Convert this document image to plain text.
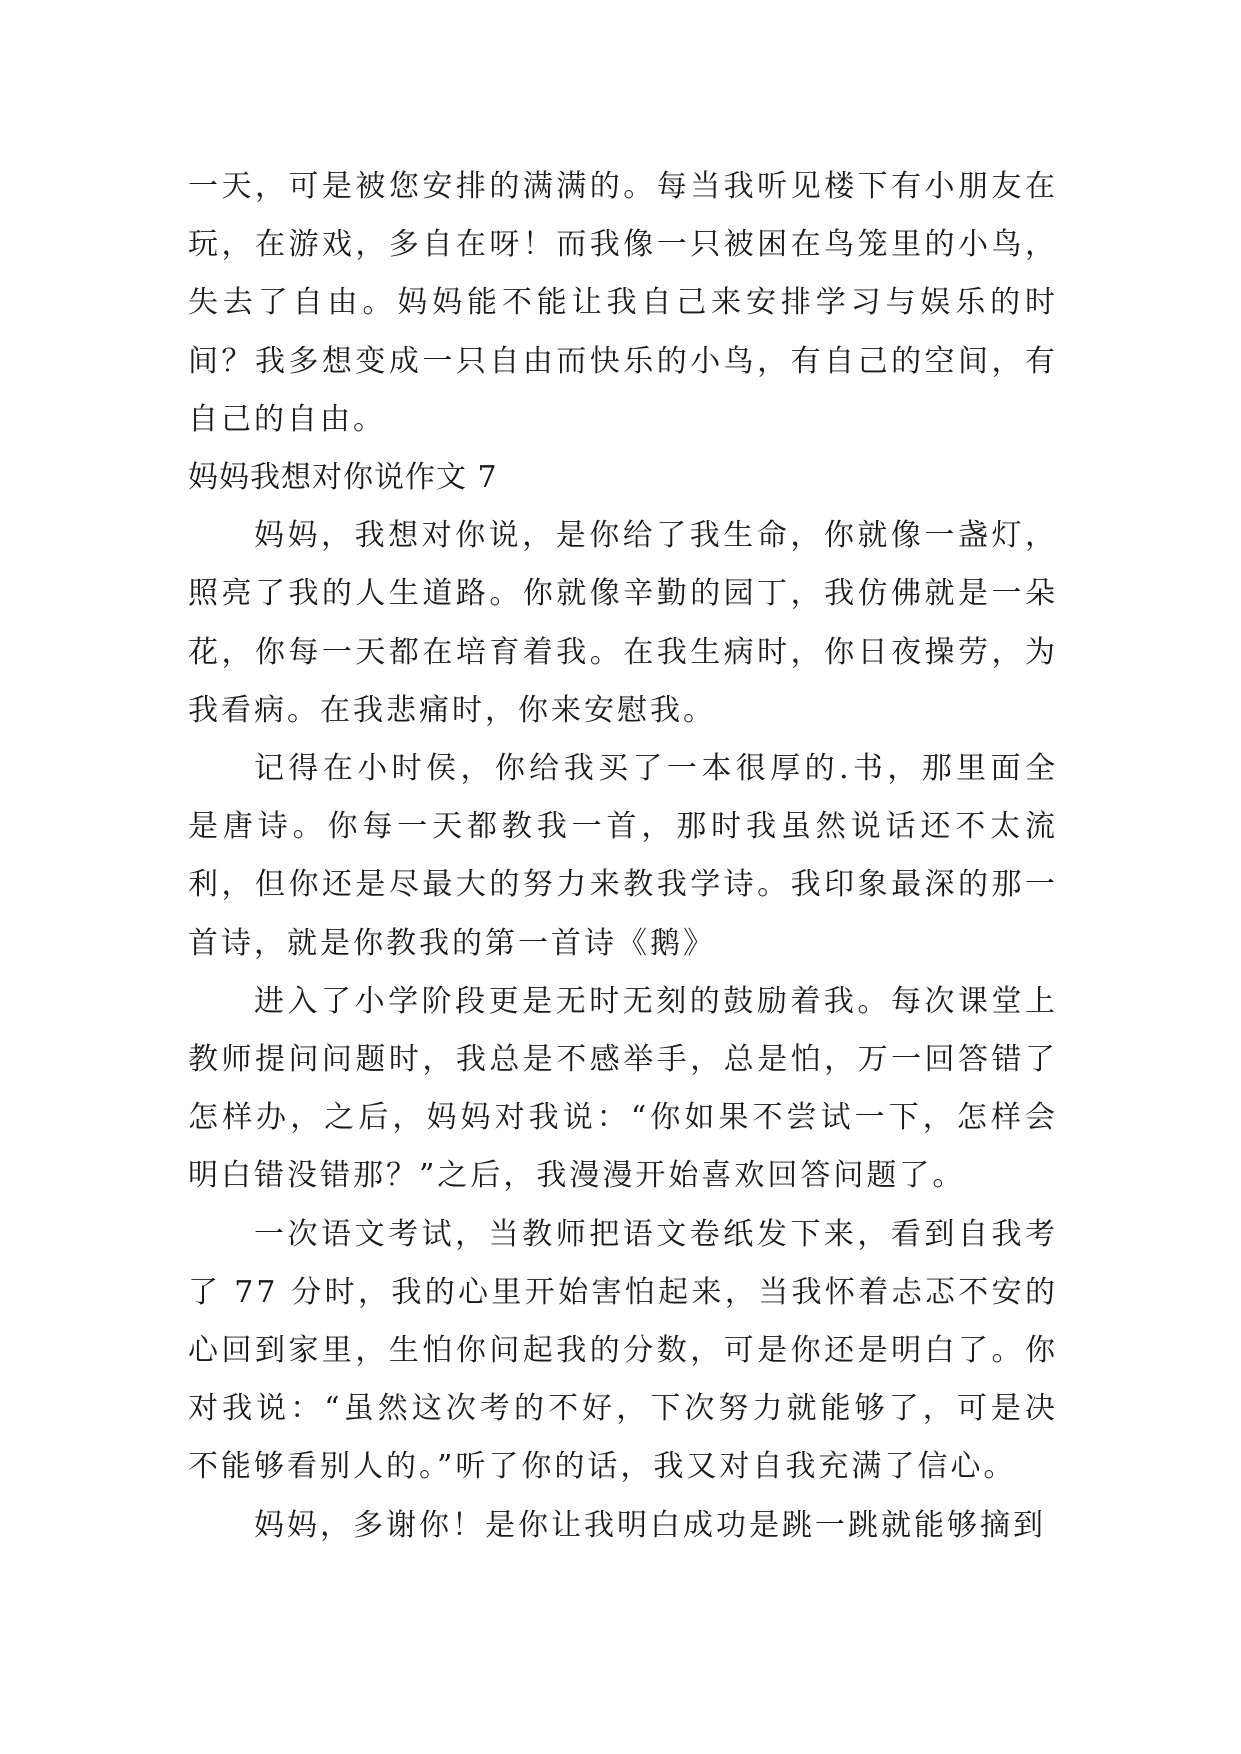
一天，可是被您安排的满满的。每当我听见楼下有小朋友在玩，在游戏，多自在呀！而我像一只被困在鸟笼里的小鸟，失去了自由。妈妈能不能让我自己来安排学习与娱乐的时间？我多想变成一只自由而快乐的小鸟，有自己的空间，有自己的自由。

妈妈我想对你说作文 7

妈妈，我想对你说，是你给了我生命，你就像一盏灯，照亮了我的人生道路。你就像辛勤的园丁，我仿佛就是一朵花，你每一天都在培育着我。在我生病时，你日夜操劳，为我看病。在我悲痛时，你来安慰我。

记得在小时侯，你给我买了一本很厚的.书，那里面全是唐诗。你每一天都教我一首，那时我虽然说话还不太流利，但你还是尽最大的努力来教我学诗。我印象最深的那一首诗，就是你教我的第一首诗《鹅》

进入了小学阶段更是无时无刻的鼓励着我。每次课堂上教师提问问题时，我总是不感举手，总是怕，万一回答错了怎样办，之后，妈妈对我说：“你如果不尝试一下，怎样会明白错没错那？”之后，我漫漫开始喜欢回答问题了。

一次语文考试，当教师把语文卷纸发下来，看到自我考了 77 分时，我的心里开始害怕起来，当我怀着忐忑不安的心回到家里，生怕你问起我的分数，可是你还是明白了。你对我说：“虽然这次考的不好，下次努力就能够了，可是决不能够看别人的。”听了你的话，我又对自我充满了信心。

妈妈，多谢你！是你让我明白成功是跳一跳就能够摘到
